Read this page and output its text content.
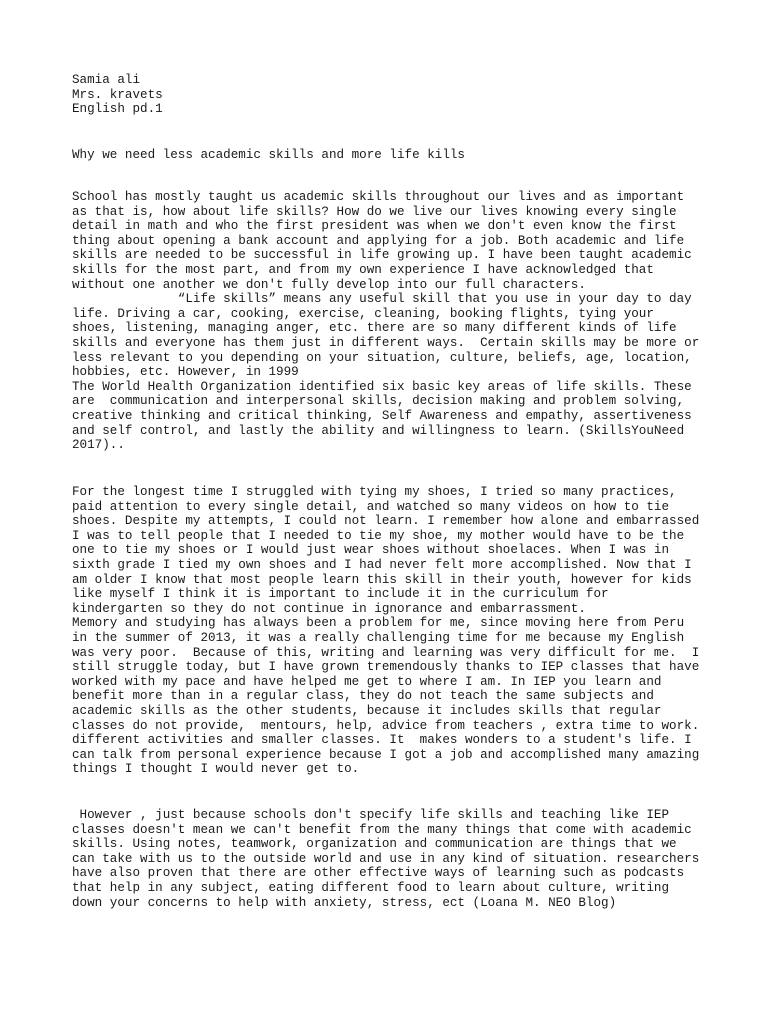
Samia ali
Mrs. kravets
English pd.1
Why we need less academic skills and more life kills
School has mostly taught us academic skills throughout our lives and as important
as that is, how about life skills? How do we live our lives knowing every single
detail in math and who the first president was when we don't even know the first
thing about opening a bank account and applying for a job. Both academic and life
skills are needed to be successful in life growing up. I have been taught academic
skills for the most part, and from my own experience I have acknowledged that
without one another we don't fully develop into our full characters.
“Life skills” means any useful skill that you use in your day to day
life. Driving a car, cooking, exercise, cleaning, booking flights, tying your
shoes, listening, managing anger, etc. there are so many different kinds of life
skills and everyone has them just in different ways.  Certain skills may be more or
less relevant to you depending on your situation, culture, beliefs, age, location,
hobbies, etc. However, in 1999
The World Health Organization identified six basic key areas of life skills. These
are  communication and interpersonal skills, decision making and problem solving,
creative thinking and critical thinking, Self Awareness and empathy, assertiveness
and self control, and lastly the ability and willingness to learn. (SkillsYouNeed
2017)..
For the longest time I struggled with tying my shoes, I tried so many practices,
paid attention to every single detail, and watched so many videos on how to tie
shoes. Despite my attempts, I could not learn. I remember how alone and embarrassed
I was to tell people that I needed to tie my shoe, my mother would have to be the
one to tie my shoes or I would just wear shoes without shoelaces. When I was in
sixth grade I tied my own shoes and I had never felt more accomplished. Now that I
am older I know that most people learn this skill in their youth, however for kids
like myself I think it is important to include it in the curriculum for
kindergarten so they do not continue in ignorance and embarrassment.
Memory and studying has always been a problem for me, since moving here from Peru
in the summer of 2013, it was a really challenging time for me because my English
was very poor.  Because of this, writing and learning was very difficult for me.  I
still struggle today, but I have grown tremendously thanks to IEP classes that have
worked with my pace and have helped me get to where I am. In IEP you learn and
benefit more than in a regular class, they do not teach the same subjects and
academic skills as the other students, because it includes skills that regular
classes do not provide,  mentours, help, advice from teachers , extra time to work.
different activities and smaller classes. It  makes wonders to a student's life. I
can talk from personal experience because I got a job and accomplished many amazing
things I thought I would never get to.
However , just because schools don't specify life skills and teaching like IEP
classes doesn't mean we can't benefit from the many things that come with academic
skills. Using notes, teamwork, organization and communication are things that we
can take with us to the outside world and use in any kind of situation. researchers
have also proven that there are other effective ways of learning such as podcasts
that help in any subject, eating different food to learn about culture, writing
down your concerns to help with anxiety, stress, ect (Loana M. NEO Blog)
